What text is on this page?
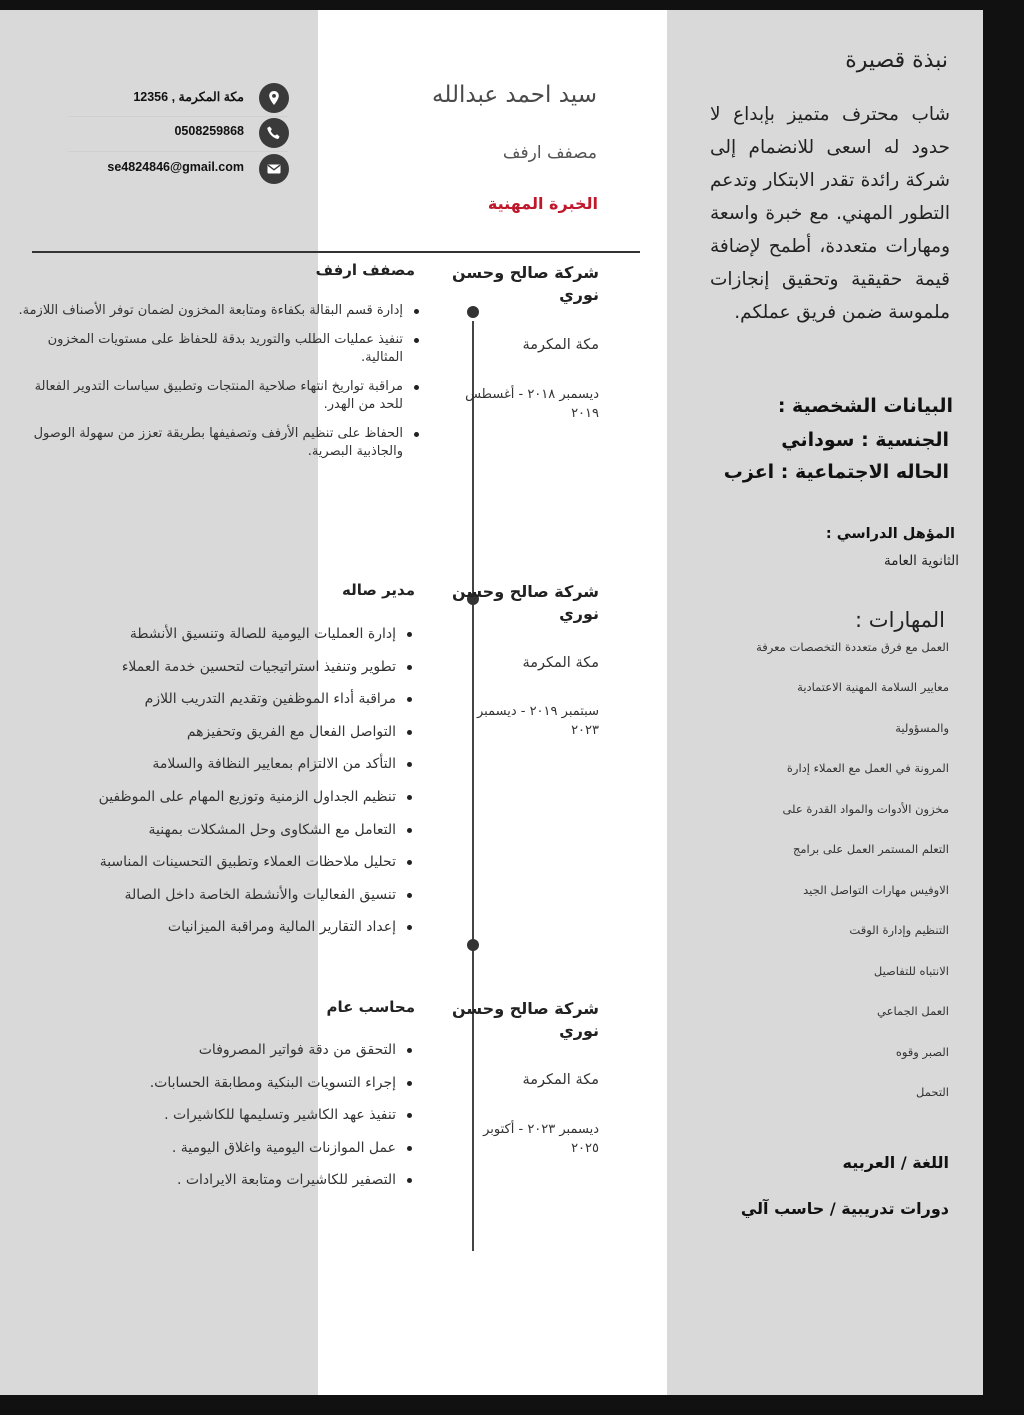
مكة المكرمة , 12356
0508259868
se4824846@gmail.com
سيد احمد عبدالله
مصفف ارفف
الخبرة المهنية
شركة صالح وحسن نوري
مصفف ارفف
مكة المكرمة
ديسمبر ٢٠١٨ - أغسطس ٢٠١٩
إدارة قسم البقالة بكفاءة ومتابعة المخزون لضمان توفر الأصناف اللازمة.
تنفيذ عمليات الطلب والتوريد بدقة للحفاظ على مستويات المخزون المثالية.
مراقبة تواريخ انتهاء صلاحية المنتجات وتطبيق سياسات التدوير الفعالة للحد من الهدر.
الحفاظ على تنظيم الأرفف وتصفيفها بطريقة تعزز من سهولة الوصول والجاذبية البصرية.
شركة صالح وحسن نوري
مدير صاله
مكة المكرمة
سبتمبر ٢٠١٩ - ديسمبر ٢٠٢٣
إدارة العمليات اليومية للصالة وتنسيق الأنشطة
تطوير وتنفيذ استراتيجيات لتحسين خدمة العملاء
مراقبة أداء الموظفين وتقديم التدريب اللازم
التواصل الفعال مع الفريق وتحفيزهم
التأكد من الالتزام بمعايير النظافة والسلامة
تنظيم الجداول الزمنية وتوزيع المهام على الموظفين
التعامل مع الشكاوى وحل المشكلات بمهنية
تحليل ملاحظات العملاء وتطبيق التحسينات المناسبة
تنسيق الفعاليات والأنشطة الخاصة داخل الصالة
إعداد التقارير المالية ومراقبة الميزانيات
شركة صالح وحسن نوري
محاسب عام
مكة المكرمة
ديسمبر ٢٠٢٣ - أكتوبر ٢٠٢٥
التحقق من دقة فواتير المصروفات
إجراء التسويات البنكية ومطابقة الحسابات.
تنفيذ عهد الكاشير وتسليمها للكاشيرات .
عمل الموازنات اليومية واغلاق اليومية .
التصفير للكاشيرات ومتابعة الايرادات .
نبذة قصيرة
شاب محترف متميز بإبداع لا حدود له اسعى للانضمام إلى شركة رائدة تقدر الابتكار وتدعم التطور المهني. مع خبرة واسعة ومهارات متعددة، أطمح لإضافة قيمة حقيقية وتحقيق إنجازات ملموسة ضمن فريق عملكم.
البيانات الشخصية :
الجنسية : سوداني
الحاله الاجتماعية : اعزب
المؤهل الدراسي :
الثانوية العامة
المهارات :
العمل مع فرق متعددة التخصصات معرفة
معايير السلامة المهنية الاعتمادية
والمسؤولية
المرونة في العمل مع العملاء إدارة
مخزون الأدوات والمواد القدرة على
التعلم المستمر العمل على برامج
الاوفيس مهارات التواصل الجيد
التنظيم وإدارة الوقت
الانتباه للتفاصيل
العمل الجماعي
الصبر وقوه
التحمل
اللغة / العربيه
دورات تدريبية / حاسب آلي
